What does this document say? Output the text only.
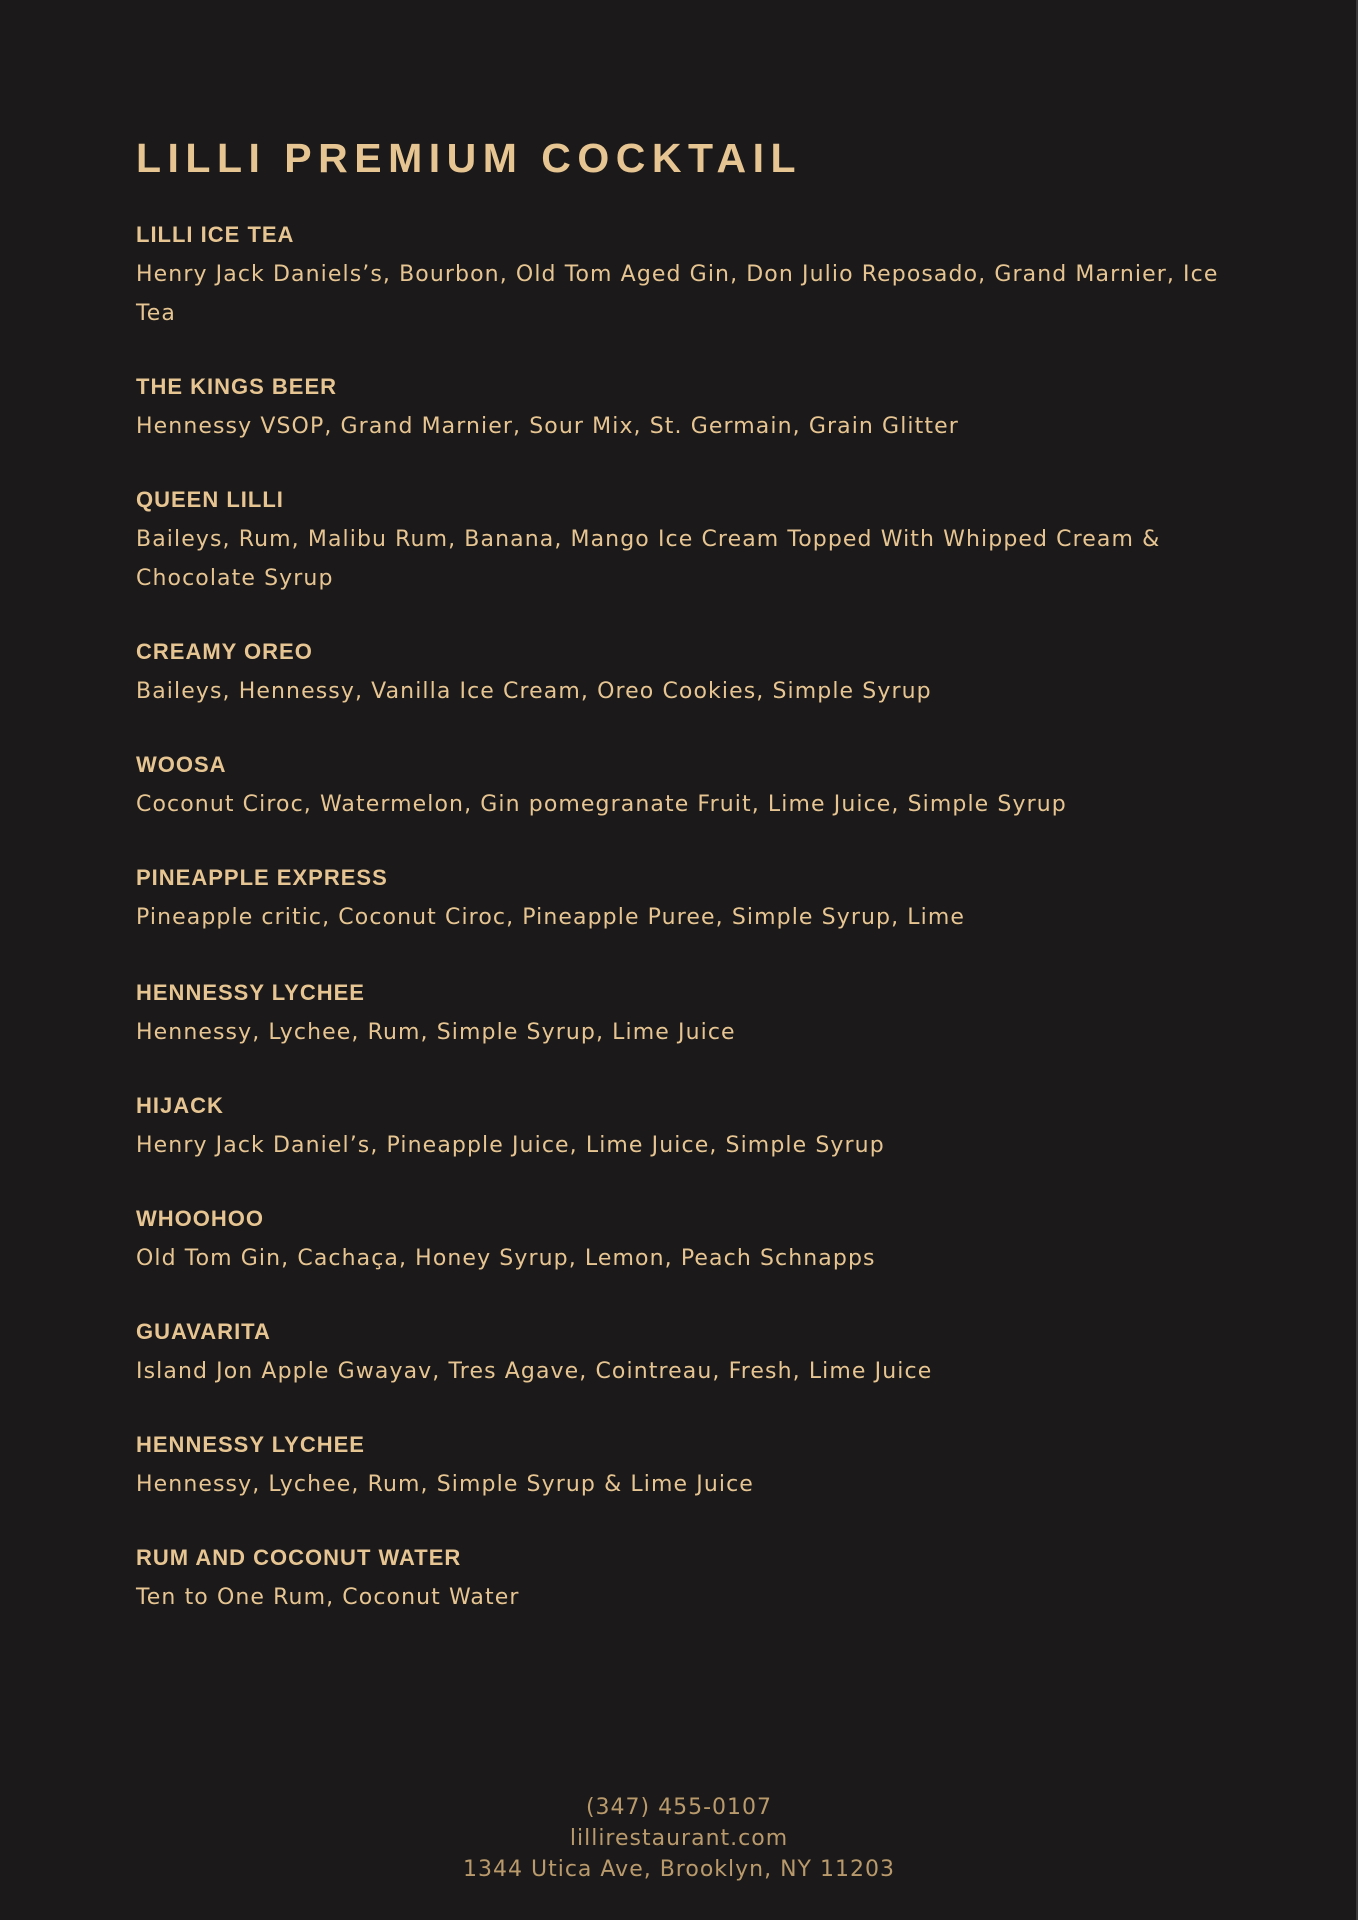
LILLI PREMIUM COCKTAIL
LILLI ICE TEA
Henry Jack Daniels’s, Bourbon, Old Tom Aged Gin, Don Julio Reposado, Grand Marnier, Ice Tea
THE KINGS BEER
Hennessy VSOP, Grand Marnier, Sour Mix, St. Germain, Grain Glitter
QUEEN LILLI
Baileys, Rum, Malibu Rum, Banana, Mango Ice Cream Topped With Whipped Cream & Chocolate Syrup
CREAMY OREO
Baileys, Hennessy, Vanilla Ice Cream, Oreo Cookies, Simple Syrup
WOOSA
Coconut Ciroc, Watermelon, Gin pomegranate Fruit, Lime Juice, Simple Syrup
PINEAPPLE EXPRESS
Pineapple critic, Coconut Ciroc, Pineapple Puree, Simple Syrup, Lime
HENNESSY LYCHEE
Hennessy, Lychee, Rum, Simple Syrup, Lime Juice
HIJACK
Henry Jack Daniel’s, Pineapple Juice, Lime Juice, Simple Syrup
WHOOHOO
Old Tom Gin, Cachaça, Honey Syrup, Lemon, Peach Schnapps
GUAVARITA
Island Jon Apple Gwayav, Tres Agave, Cointreau, Fresh, Lime Juice
HENNESSY LYCHEE
Hennessy, Lychee, Rum, Simple Syrup & Lime Juice
RUM AND COCONUT WATER
Ten to One Rum, Coconut Water
(347) 455-0107
lillirestaurant.com
1344 Utica Ave, Brooklyn, NY 11203
